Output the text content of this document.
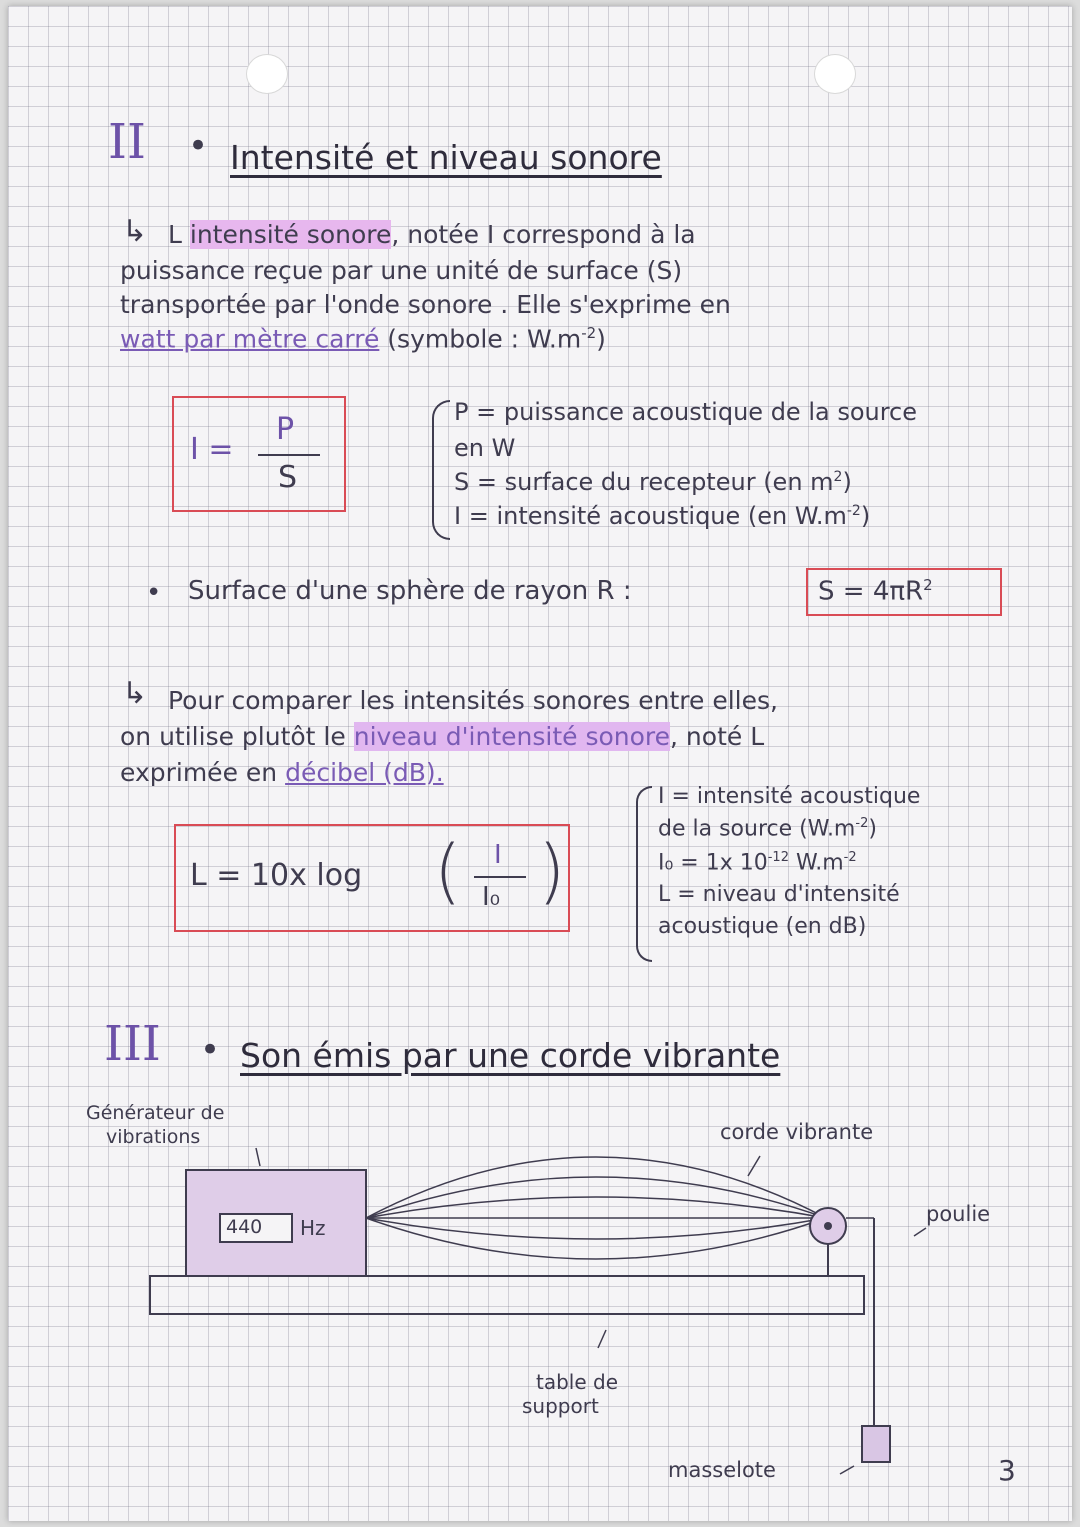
II • Intensité et niveau sonore
↳ L intensité sonore, notée I correspond à la
puissance reçue par une unité de surface (S)
transportée par l'onde sonore . Elle s'exprime en
watt par mètre carré (symbole : $W.m^{-2}$)
I =
P
S
P = puissance acoustique de la source
en W
S = surface du recepteur (en $m^2$)
I = intensité acoustique (en $W.m^{-2}$)
• Surface d'une sphère de rayon R :	$S = 4\pi R^2$
↳ Pour comparer les intensités sonores entre elles,
on utilise plutôt le niveau d'intensité sonore, noté L
exprimée en décibel (dB).
L = 10x log ( )
I
I₀
I = intensité acoustique
de la source $(W.m^{-2})$
I₀ = 1x $10^{-12}$ $W.m^{-2}$
L = niveau d'intensité
acoustique (en dB)
III • Son émis par une corde vibrante
Générateur de
vibrations
440 Hz
corde vibrante
poulie
table de
support
masselote	3
